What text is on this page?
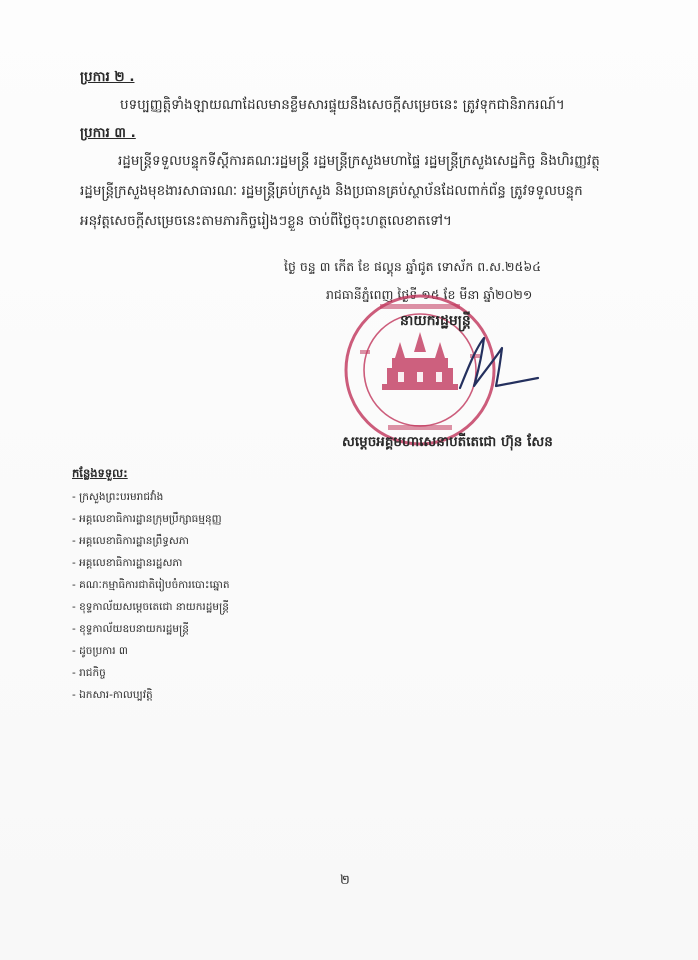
ប្រការ ២ .
បទប្បញ្ញត្តិទាំងឡាយណាដែលមានខ្លឹមសារផ្ទុយនឹងសេចក្តីសម្រេចនេះ ត្រូវទុកជានិរាករណ៍។
ប្រការ ៣ .
រដ្ឋមន្ត្រីទទួលបន្ទុកទីស្តីការគណៈរដ្ឋមន្ត្រី រដ្ឋមន្ត្រីក្រសួងមហាផ្ទៃ រដ្ឋមន្ត្រីក្រសួងសេដ្ឋកិច្ច និងហិរញ្ញវត្ថុ
រដ្ឋមន្ត្រីក្រសួងមុខងារសាធារណៈ រដ្ឋមន្ត្រីគ្រប់ក្រសួង និងប្រធានគ្រប់ស្ថាប័នដែលពាក់ព័ន្ធ ត្រូវទទួលបន្ទុក
អនុវត្តសេចក្តីសម្រេចនេះតាមភារកិច្ចរៀងៗខ្លួន ចាប់ពីថ្ងៃចុះហត្ថលេខាតទៅ។
ថ្ងៃ ចន្ទ ៣ កើត ខែ ផល្គុន ឆ្នាំជូត ទោស័ក ព.ស.២៥៦៤
រាជធានីភ្នំពេញ ថ្ងៃទី ១៥ ខែ មីនា ឆ្នាំ២០២១
នាយករដ្ឋមន្ត្រី
សម្តេចអគ្គមហាសេនាបតីតេជោ ហ៊ុន សែន
កន្លែងទទួល:
- ក្រសួងព្រះបរមរាជវាំង
- អគ្គលេខាធិការដ្ឋានក្រុមប្រឹក្សាធម្មនុញ្ញ
- អគ្គលេខាធិការដ្ឋានព្រឹទ្ធសភា
- អគ្គលេខាធិការដ្ឋានរដ្ឋសភា
- គណៈកម្មាធិការជាតិរៀបចំការបោះឆ្នោត
- ខុទ្ទកាល័យសម្តេចតេជោ នាយករដ្ឋមន្ត្រី
- ខុទ្ទកាល័យឧបនាយករដ្ឋមន្ត្រី
- ដូចប្រការ ៣
- រាជកិច្ច
- ឯកសារ-កាលប្បវត្តិ
២
